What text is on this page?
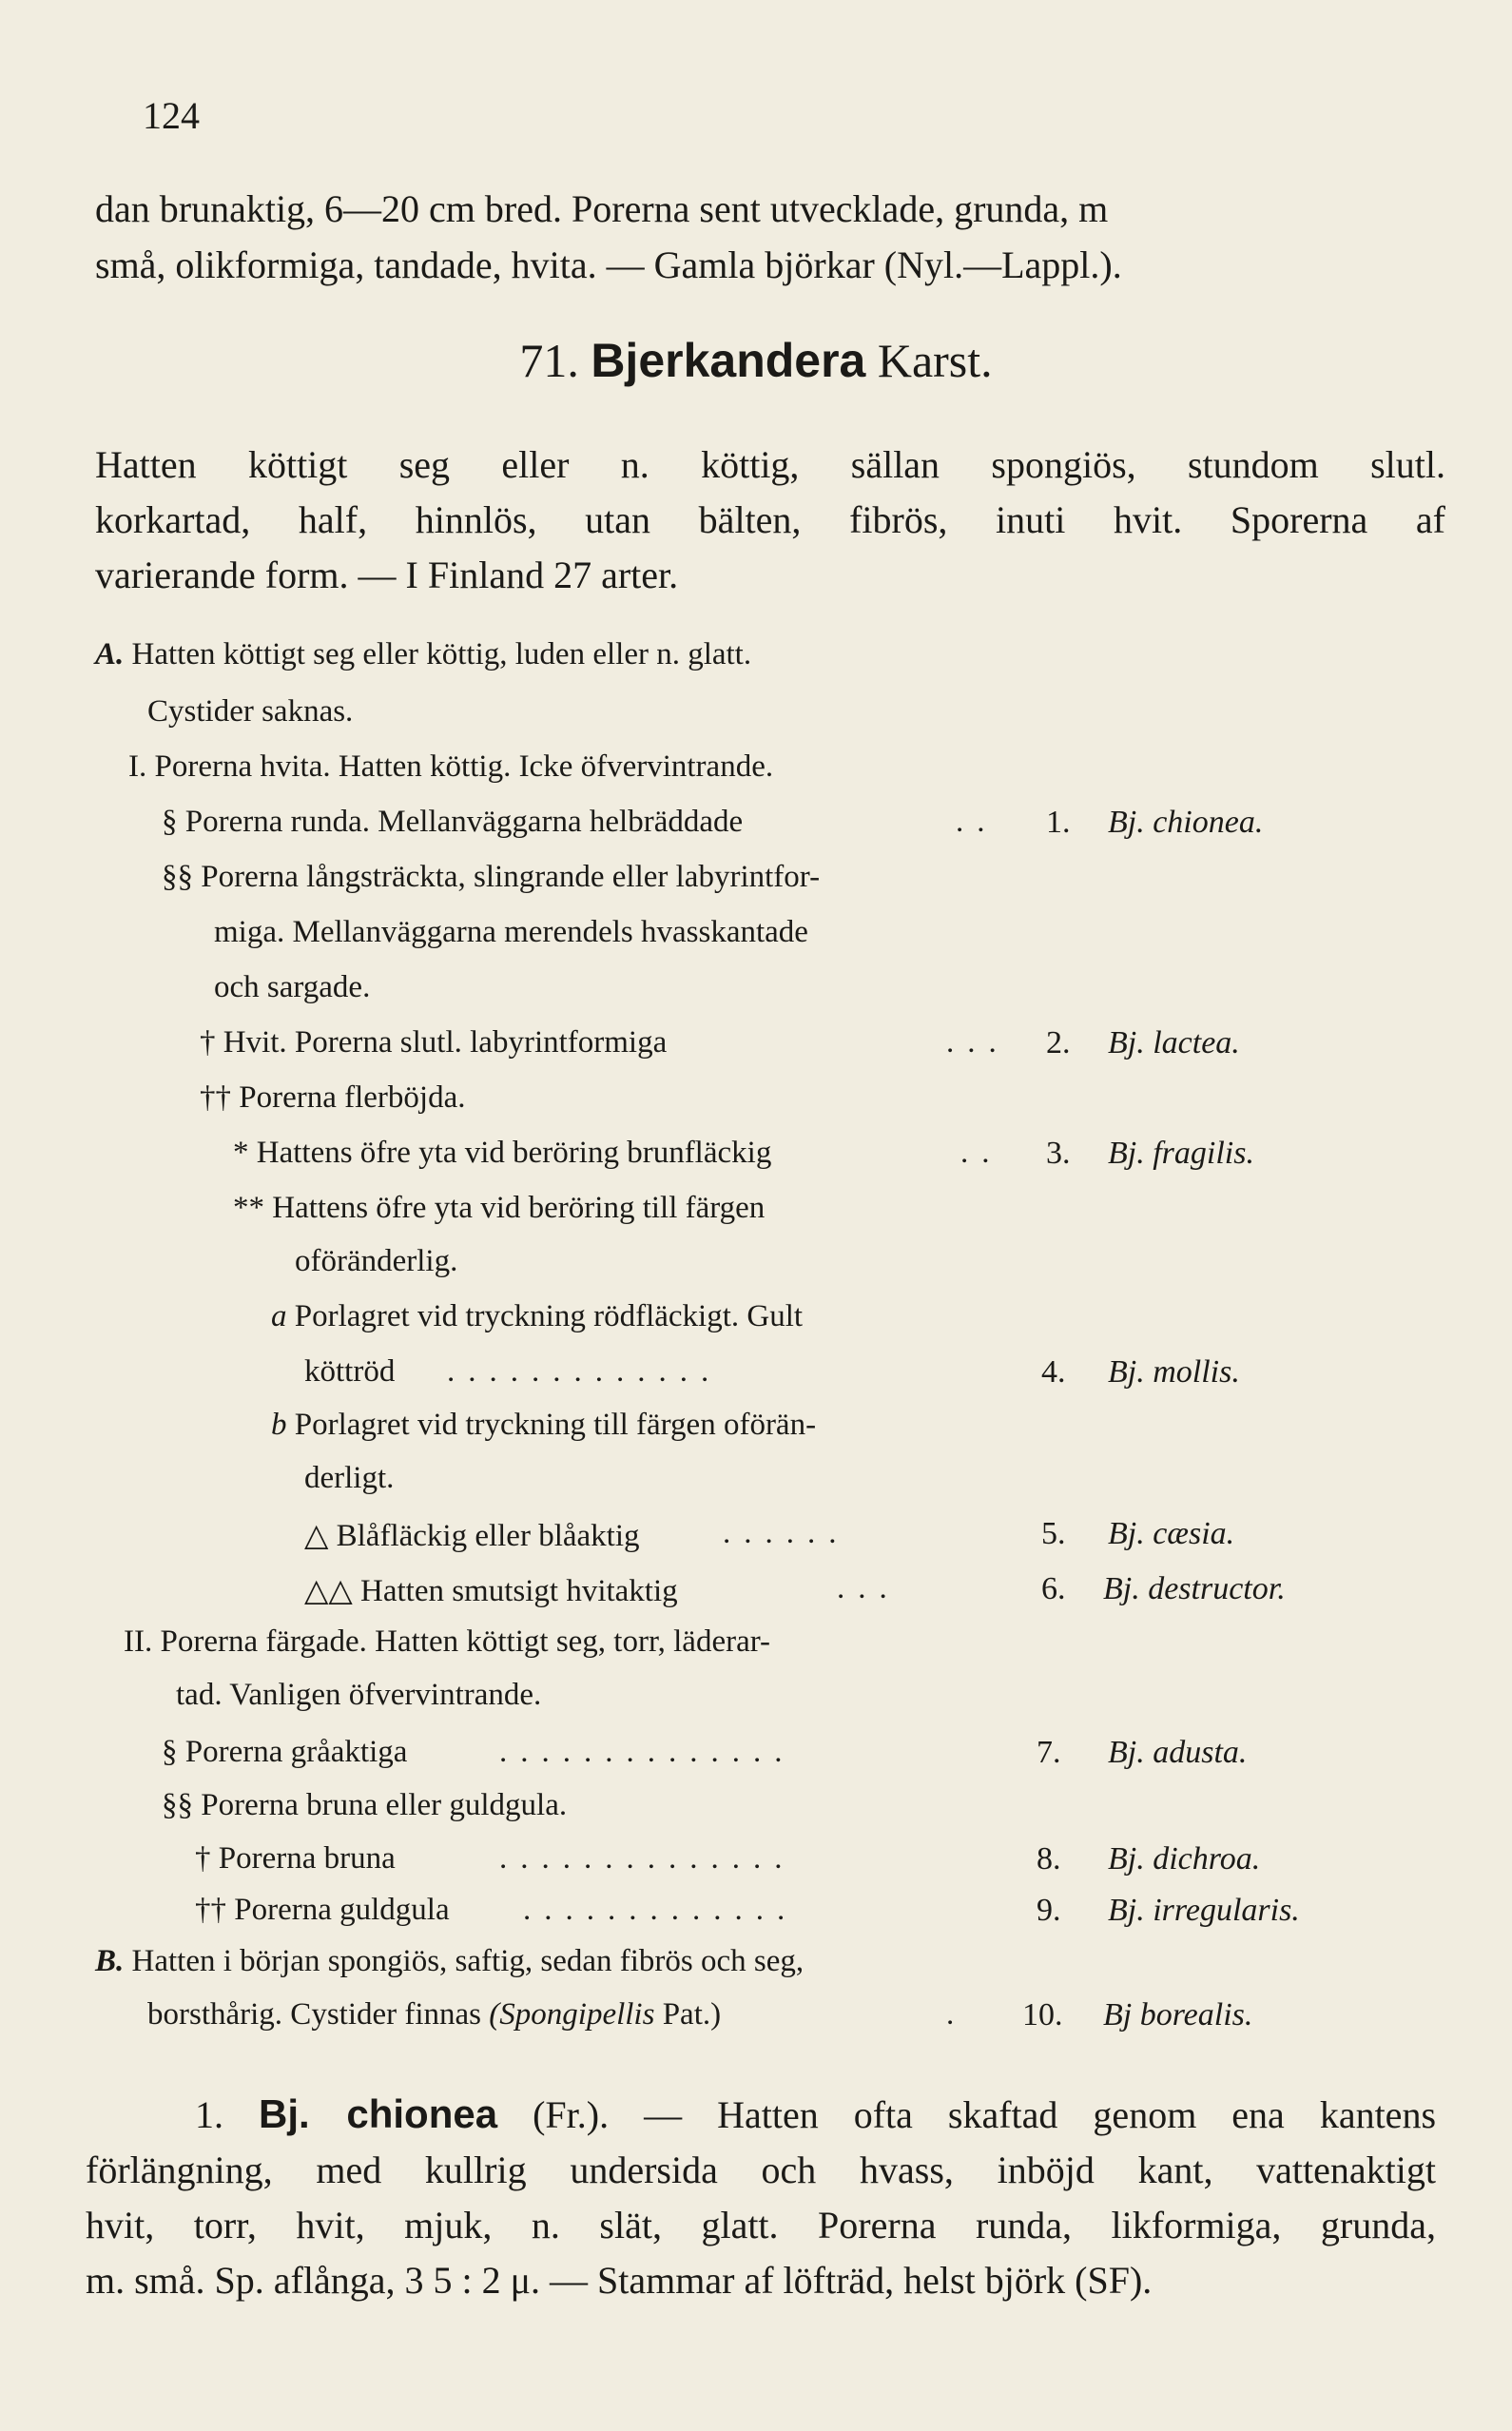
124
dan brunaktig, 6—20 cm bred. Porerna sent utvecklade, grunda, m
små, olikformiga, tandade, hvita. — Gamla björkar (Nyl.—Lappl.).
71. Bjerkandera Karst.
Hatten köttigt seg eller n. köttig, sällan spongiös, stundom slutl.
korkartad, half, hinnlös, utan bälten, fibrös, inuti hvit. Sporerna af
varierande form. — I Finland 27 arter.
A. Hatten köttigt seg eller köttig, luden eller n. glatt.
Cystider saknas.
I. Porerna hvita. Hatten köttig. Icke öfvervintrande.
§ Porerna runda. Mellanväggarna helbräddade
§§ Porerna långsträckta, slingrande eller labyrintfor-
miga. Mellanväggarna merendels hvasskantade
och sargade.
† Hvit. Porerna slutl. labyrintformiga
†† Porerna flerböjda.
* Hattens öfre yta vid beröring brunfläckig
** Hattens öfre yta vid beröring till färgen
oföränderlig.
a Porlagret vid tryckning rödfläckigt. Gult
köttröd
b Porlagret vid tryckning till färgen oförän-
derligt.
△ Blåfläckig eller blåaktig
△△ Hatten smutsigt hvitaktig
II. Porerna färgade. Hatten köttigt seg, torr, läderar-
tad. Vanligen öfvervintrande.
§ Porerna gråaktiga
§§ Porerna bruna eller guldgula.
† Porerna bruna
†† Porerna guldgula
B. Hatten i början spongiös, saftig, sedan fibrös och seg,
borsthårig. Cystider finnas (Spongipellis Pat.)
..
...
..
.............
......
...
..............
..............
.............
.
1. Bj. chionea.
2. Bj. lactea.
3. Bj. fragilis.
4. Bj. mollis.
5. Bj. cæsia.
6. Bj. destructor.
7. Bj. adusta.
8. Bj. dichroa.
9. Bj. irregularis.
10. Bj borealis.
1. Bj. chionea (Fr.). — Hatten ofta skaftad genom ena kantens
förlängning, med kullrig undersida och hvass, inböjd kant, vattenaktigt
hvit, torr, hvit, mjuk, n. slät, glatt. Porerna runda, likformiga, grunda,
m. små. Sp. aflånga, 3 5 : 2 μ. — Stammar af löfträd, helst björk (SF).
